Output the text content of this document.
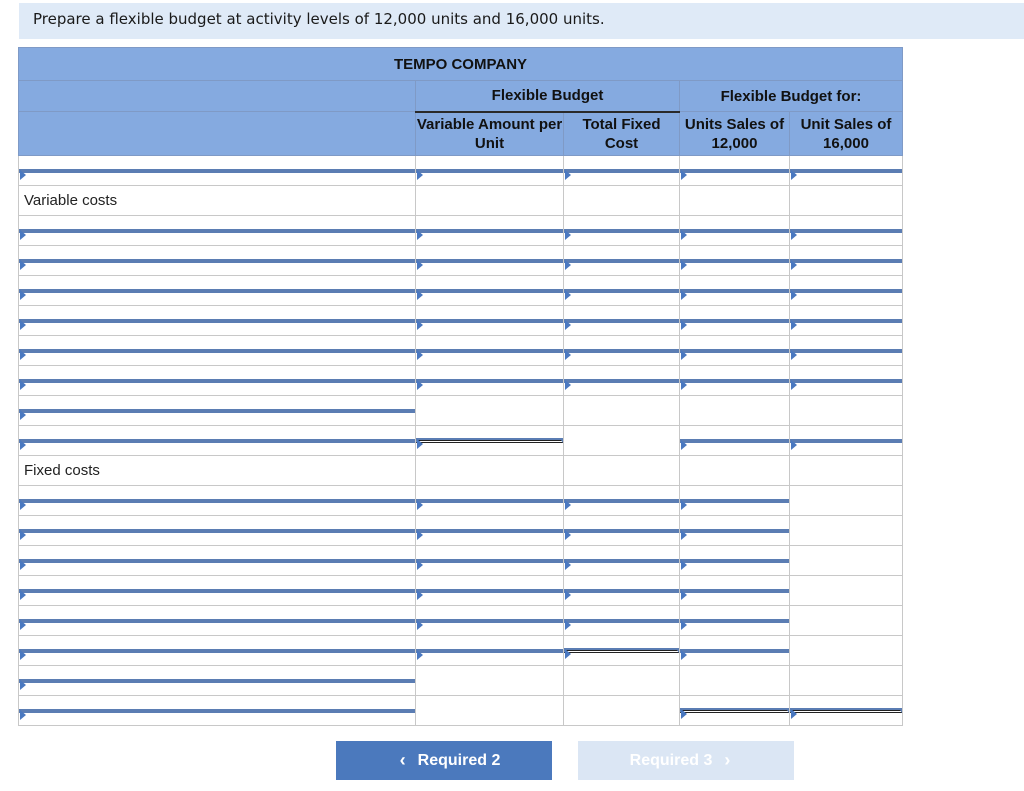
Prepare a flexible budget at activity levels of 12,000 units and 16,000 units.
TEMPO COMPANY				
	Flexible Budget		Flexible Budget for:	
	Variable Amount per Unit	Total Fixed Cost	Units Sales of 12,000	Unit Sales of 16,000

Variable costs				

Fixed costs				

‹ Required 2	Required 3 ›
